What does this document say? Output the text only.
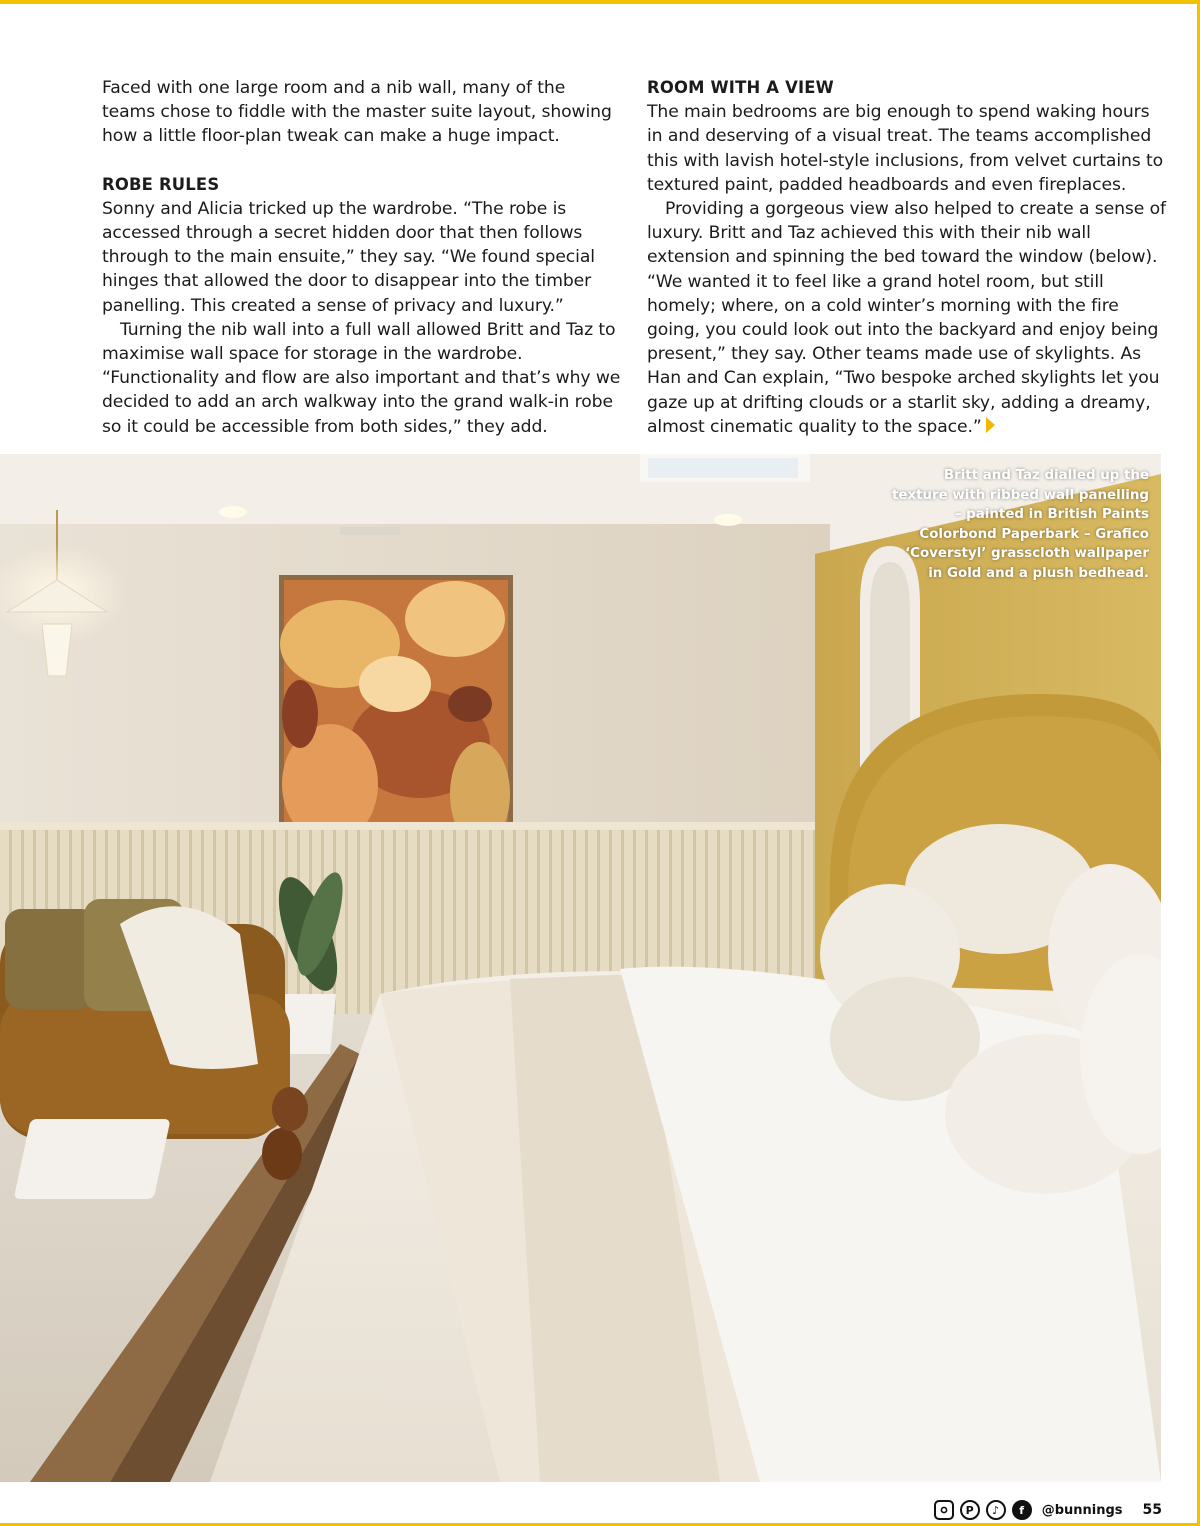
Faced with one large room and a nib wall, many of the teams chose to fiddle with the master suite layout, showing how a little floor-plan tweak can make a huge impact.

ROBE RULES

Sonny and Alicia tricked up the wardrobe. “The robe is accessed through a secret hidden door that then follows through to the main ensuite,” they say. “We found special hinges that allowed the door to disappear into the timber panelling. This created a sense of privacy and luxury.”

Turning the nib wall into a full wall allowed Britt and Taz to maximise wall space for storage in the wardrobe. “Functionality and flow are also important and that’s why we decided to add an arch walkway into the grand walk-in robe so it could be accessible from both sides,” they add.

ROOM WITH A VIEW

The main bedrooms are big enough to spend waking hours in and deserving of a visual treat. The teams accomplished this with lavish hotel-style inclusions, from velvet curtains to textured paint, padded headboards and even fireplaces.

Providing a gorgeous view also helped to create a sense of luxury. Britt and Taz achieved this with their nib wall extension and spinning the bed toward the window (below). “We wanted it to feel like a grand hotel room, but still homely; where, on a cold winter’s morning with the fire going, you could look out into the backyard and enjoy being present,” they say. Other teams made use of skylights. As Han and Can explain, “Two bespoke arched skylights let you gaze up at drifting clouds or a starlit sky, adding a dreamy, almost cinematic quality to the space.”

Britt and Taz dialled up the texture with ribbed wall panelling – painted in British Paints Colorbond Paperbark – Grafico ‘Coverstyl’ grasscloth wallpaper in Gold and a plush bedhead.
P	♪	f	@bunnings 55
